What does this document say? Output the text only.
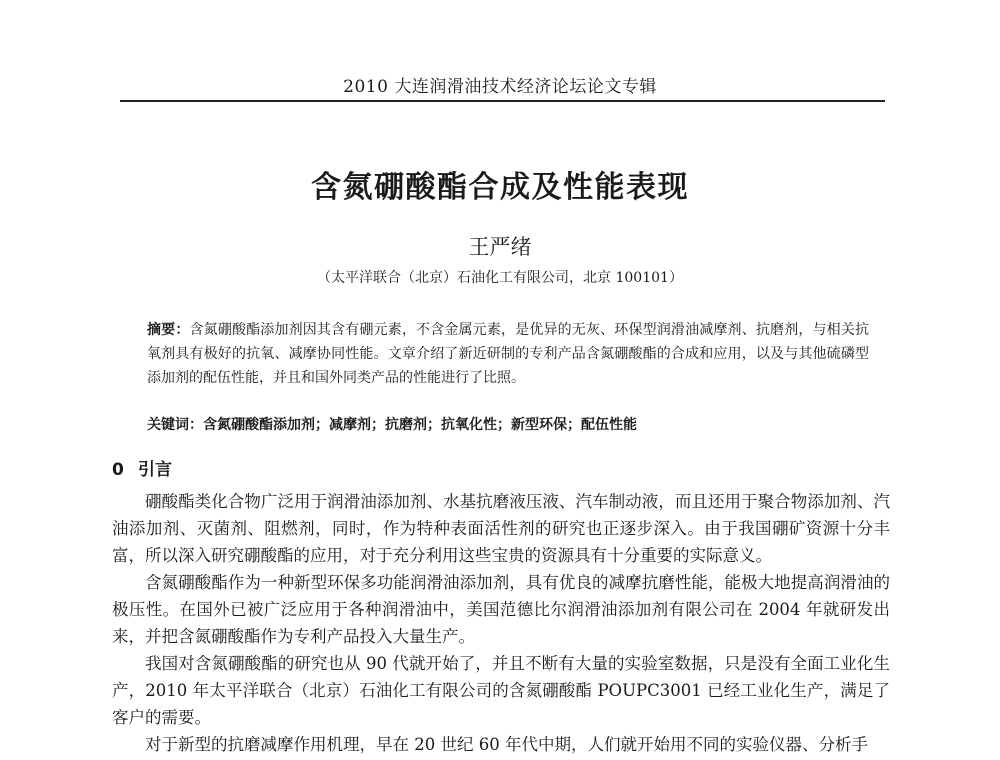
2010 大连润滑油技术经济论坛论文专辑
含氮硼酸酯合成及性能表现
王严绪
（太平洋联合（北京）石油化工有限公司，北京 100101）
摘要：含氮硼酸酯添加剂因其含有硼元素，不含金属元素，是优异的无灰、环保型润滑油减摩剂、抗磨剂，与相关抗氧剂具有极好的抗氧、减摩协同性能。文章介绍了新近研制的专利产品含氮硼酸酯的合成和应用，以及与其他硫磷型添加剂的配伍性能，并且和国外同类产品的性能进行了比照。
关键词：含氮硼酸酯添加剂；减摩剂；抗磨剂；抗氧化性；新型环保；配伍性能
0 引言

硼酸酯类化合物广泛用于润滑油添加剂、水基抗磨液压液、汽车制动液，而且还用于聚合物添加剂、汽油添加剂、灭菌剂、阻燃剂，同时，作为特种表面活性剂的研究也正逐步深入。由于我国硼矿资源十分丰富，所以深入研究硼酸酯的应用，对于充分利用这些宝贵的资源具有十分重要的实际意义。

含氮硼酸酯作为一种新型环保多功能润滑油添加剂，具有优良的减摩抗磨性能，能极大地提高润滑油的极压性。在国外已被广泛应用于各种润滑油中，美国范德比尔润滑油添加剂有限公司在 2004 年就研发出来，并把含氮硼酸酯作为专利产品投入大量生产。

我国对含氮硼酸酯的研究也从 90 代就开始了，并且不断有大量的实验室数据，只是没有全面工业化生产，2010 年太平洋联合（北京）石油化工有限公司的含氮硼酸酯 POUPC3001 已经工业化生产，满足了客户的需要。

对于新型的抗磨减摩作用机理，早在 20 世纪 60 年代中期，人们就开始用不同的实验仪器、分析手
